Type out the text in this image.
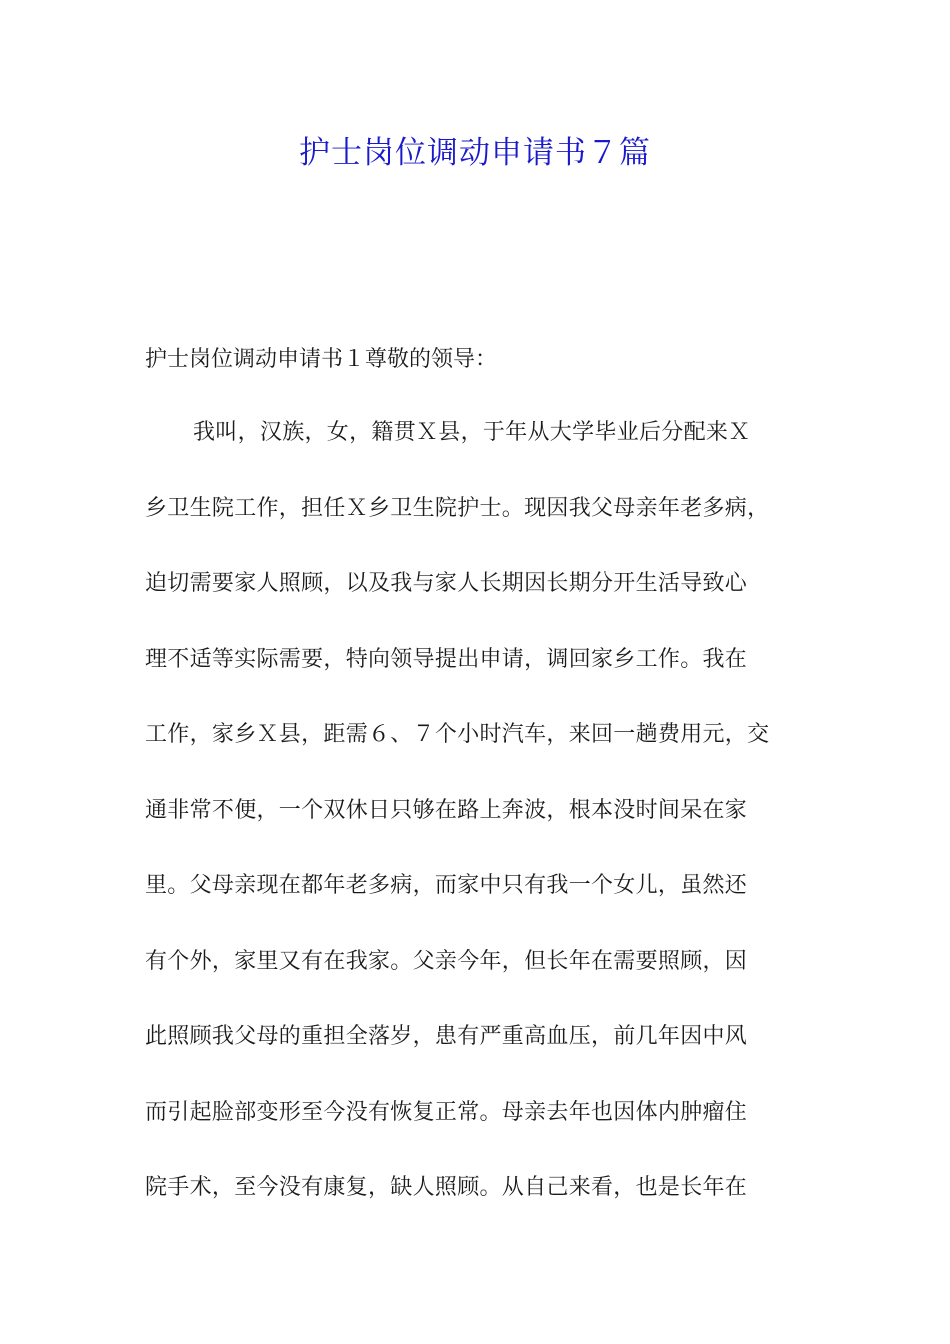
护士岗位调动申请书７篇

护士岗位调动申请书１尊敬的领导：

我叫，汉族，女，籍贯Ｘ县，于年从大学毕业后分配来Ｘ
乡卫生院工作，担任Ｘ乡卫生院护士。现因我父母亲年老多病，
迫切需要家人照顾，以及我与家人长期因长期分开生活导致心
理不适等实际需要，特向领导提出申请，调回家乡工作。我在
工作，家乡Ｘ县，距需６、７个小时汽车，来回一趟费用元，交
通非常不便，一个双休日只够在路上奔波，根本没时间呆在家
里。父母亲现在都年老多病，而家中只有我一个女儿，虽然还
有个外，家里又有在我家。父亲今年，但长年在需要照顾，因
此照顾我父母的重担全落岁，患有严重高血压，前几年因中风
而引起脸部变形至今没有恢复正常。母亲去年也因体内肿瘤住
院手术，至今没有康复，缺人照顾。从自己来看，也是长年在
